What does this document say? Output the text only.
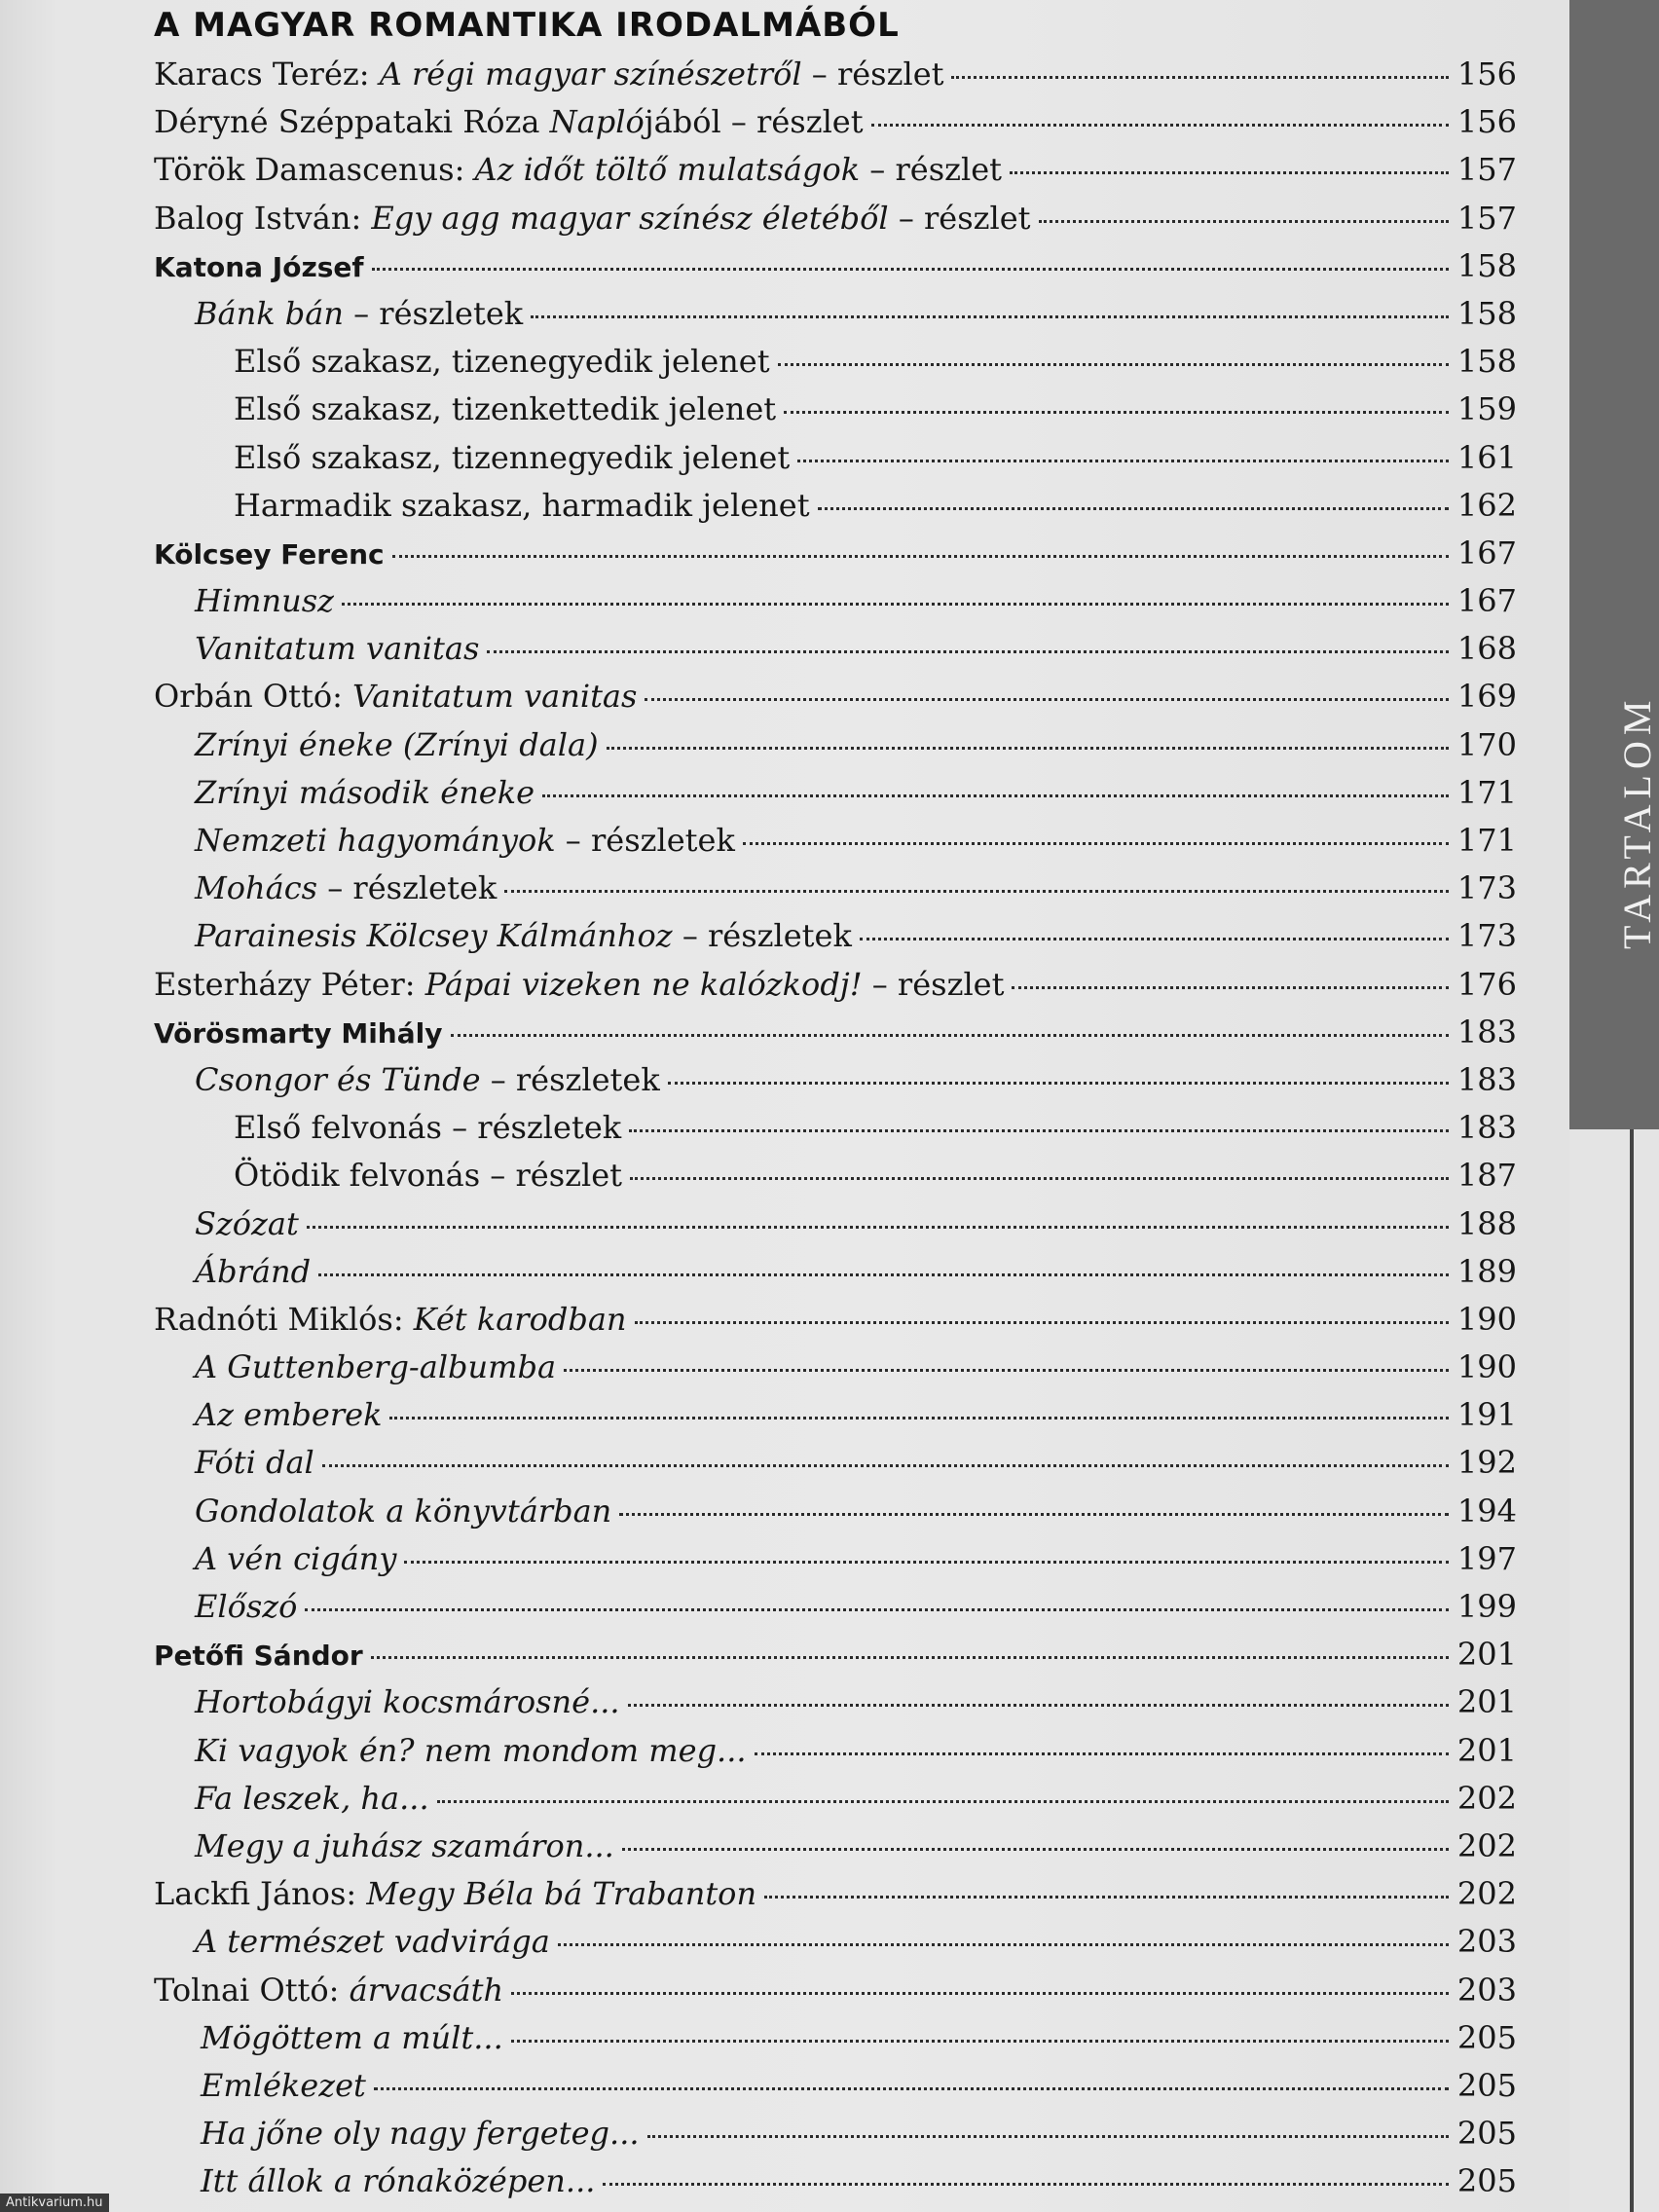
TARTALOM
A MAGYAR ROMANTIKA IRODALMÁBÓL
Karacs Teréz: A régi magyar színészetről – részlet	156
Déryné Széppataki Róza Naplójából – részlet	156
Török Damascenus: Az időt töltő mulatságok – részlet	157
Balog István: Egy agg magyar színész életéből – részlet	157
Katona József	158
Bánk bán – részletek	158
Első szakasz, tizenegyedik jelenet	158
Első szakasz, tizenkettedik jelenet	159
Első szakasz, tizennegyedik jelenet	161
Harmadik szakasz, harmadik jelenet	162
Kölcsey Ferenc	167
Himnusz	167
Vanitatum vanitas	168
Orbán Ottó: Vanitatum vanitas	169
Zrínyi éneke (Zrínyi dala)	170
Zrínyi második éneke	171
Nemzeti hagyományok – részletek	171
Mohács – részletek	173
Parainesis Kölcsey Kálmánhoz – részletek	173
Esterházy Péter: Pápai vizeken ne kalózkodj! – részlet	176
Vörösmarty Mihály	183
Csongor és Tünde – részletek	183
Első felvonás – részletek	183
Ötödik felvonás – részlet	187
Szózat	188
Ábránd	189
Radnóti Miklós: Két karodban	190
A Guttenberg-albumba	190
Az emberek	191
Fóti dal	192
Gondolatok a könyvtárban	194
A vén cigány	197
Előszó	199
Petőfi Sándor	201
Hortobágyi kocsmárosné...	201
Ki vagyok én? nem mondom meg...	201
Fa leszek, ha...	202
Megy a juhász szamáron...	202
Lackfi János: Megy Béla bá Trabanton	202
A természet vadvirága	203
Tolnai Ottó: árvacsáth	203
Mögöttem a múlt...	205
Emlékezet	205
Ha jőne oly nagy fergeteg...	205
Itt állok a rónaközépen...	205
Antikvarium.hu
